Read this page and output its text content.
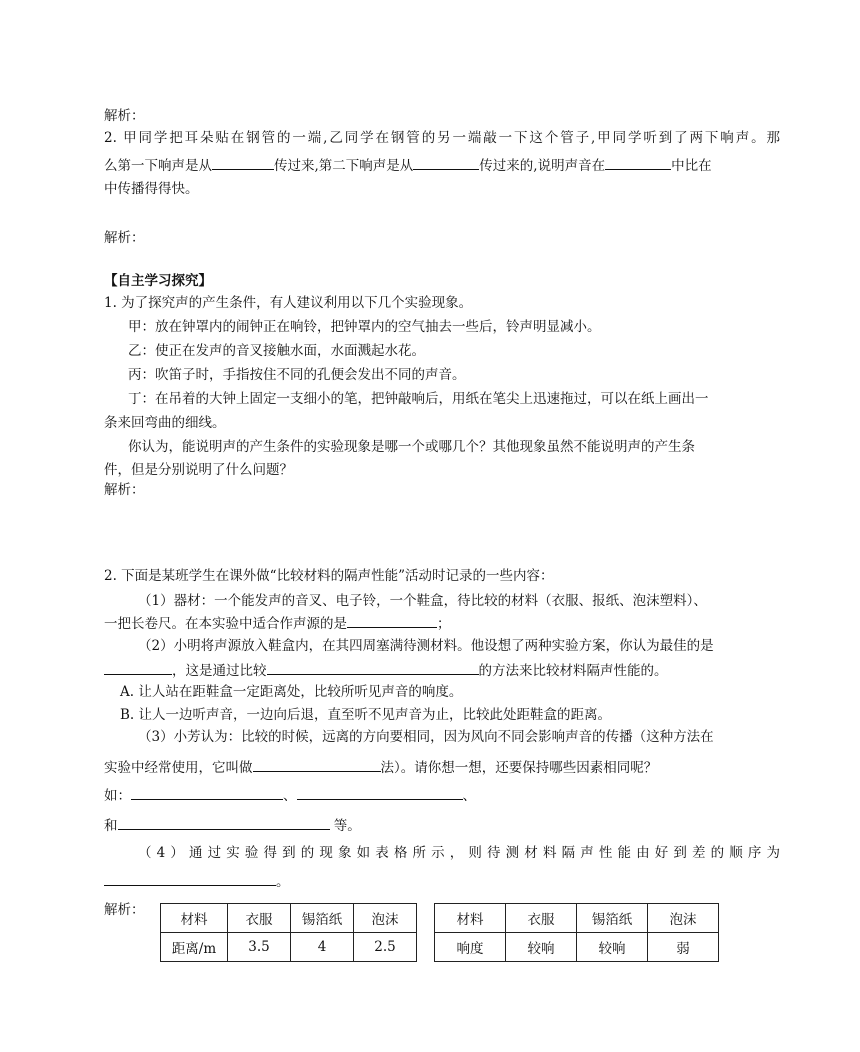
解析：
2. 甲同学把耳朵贴在钢管的一端,乙同学在钢管的另一端敲一下这个管子,甲同学听到了两下响声。那
么第一下响声是从	传过来,第二下响声是从	传过来的,说明声音在	中比在
中传播得得快。
解析：
【自主学习探究】
1. 为了探究声的产生条件，有人建议利用以下几个实验现象。
甲：放在钟罩内的闹钟正在响铃，把钟罩内的空气抽去一些后，铃声明显减小。
乙：使正在发声的音叉接触水面，水面溅起水花。
丙：吹笛子时，手指按住不同的孔便会发出不同的声音。
丁：在吊着的大钟上固定一支细小的笔，把钟敲响后，用纸在笔尖上迅速拖过，可以在纸上画出一
条来回弯曲的细线。
你认为，能说明声的产生条件的实验现象是哪一个或哪几个？其他现象虽然不能说明声的产生条
件，但是分别说明了什么问题？
解析：
2. 下面是某班学生在课外做“比较材料的隔声性能”活动时记录的一些内容：
（1）器材：一个能发声的音叉、电子铃，一个鞋盒，待比较的材料（衣服、报纸、泡沫塑料）、
一把长卷尺。在本实验中适合作声源的是	；
（2）小明将声源放入鞋盒内，在其四周塞满待测材料。他设想了两种实验方案，你认为最佳的是
，这是通过比较	的方法来比较材料隔声性能的。
A. 让人站在距鞋盒一定距离处，比较所听见声音的响度。
B. 让人一边听声音，一边向后退，直至听不见声音为止，比较此处距鞋盒的距离。
（3）小芳认为：比较的时候，远离的方向要相同，因为风向不同会影响声音的传播（这种方法在
实验中经常使用，它叫做	法）。请你想一想，还要保持哪些因素相同呢？
如：	、	、
和	等。
（4）通过实验得到的现象如表格所示，则待测材料隔声性能由好到差的顺序为
。
解析：
材料	衣服	锡箔纸	泡沫
距离/m	3.5	4	2.5
材料	衣服	锡箔纸	泡沫
响度	较响	较响	弱
